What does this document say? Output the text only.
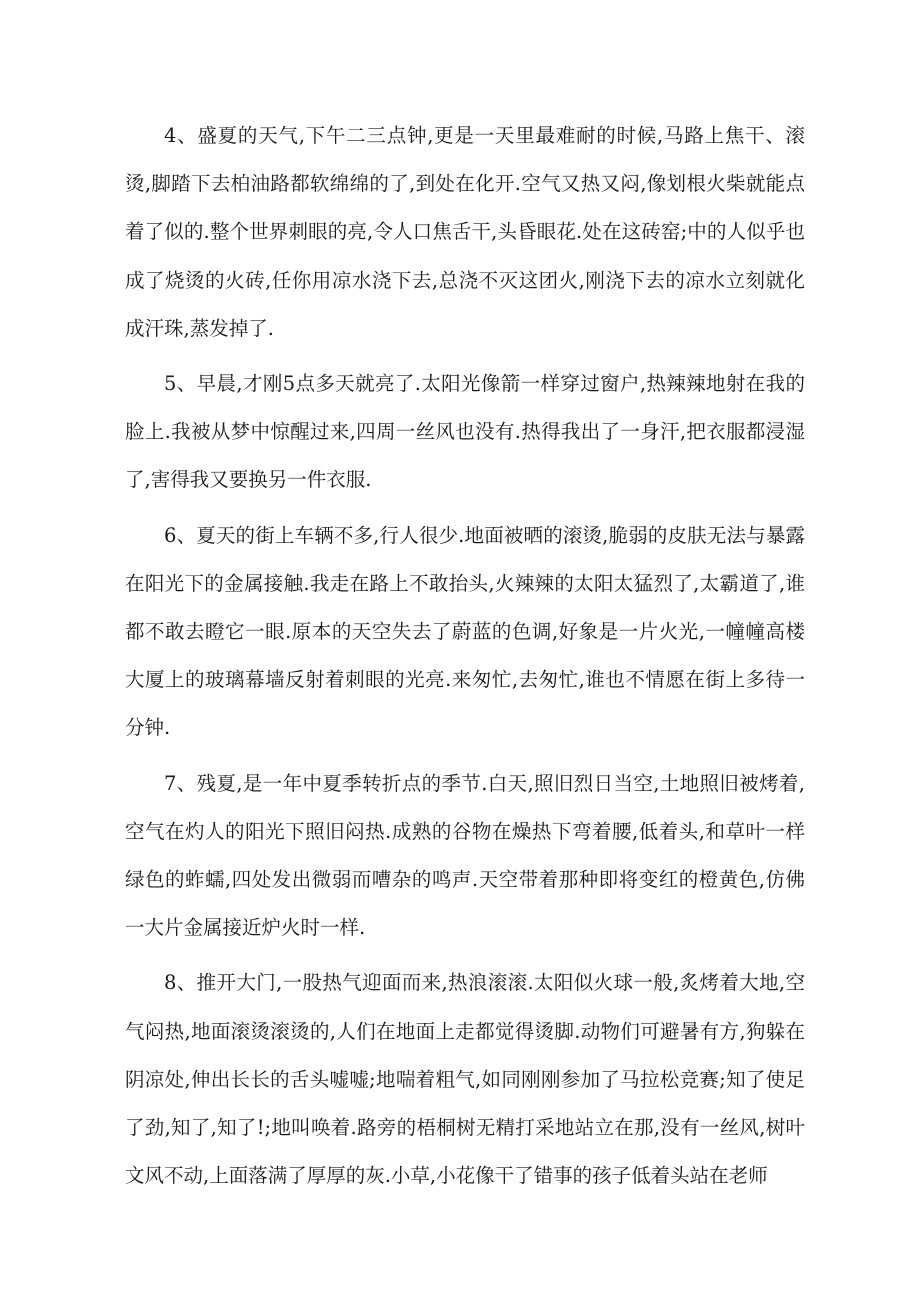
4、盛夏的天气,下午二三点钟,更是一天里最难耐的时候,马路上焦干、滚烫,脚踏下去柏油路都软绵绵的了,到处在化开.空气又热又闷,像划根火柴就能点着了似的.整个世界刺眼的亮,令人口焦舌干,头昏眼花.处在这砖窑;中的人似乎也成了烧烫的火砖,任你用凉水浇下去,总浇不灭这团火,刚浇下去的凉水立刻就化成汗珠,蒸发掉了.

5、早晨,才刚5点多天就亮了.太阳光像箭一样穿过窗户,热辣辣地射在我的脸上.我被从梦中惊醒过来,四周一丝风也没有.热得我出了一身汗,把衣服都浸湿了,害得我又要换另一件衣服.

6、夏天的街上车辆不多,行人很少.地面被晒的滚烫,脆弱的皮肤无法与暴露在阳光下的金属接触.我走在路上不敢抬头,火辣辣的太阳太猛烈了,太霸道了,谁都不敢去瞪它一眼.原本的天空失去了蔚蓝的色调,好象是一片火光,一幢幢高楼大厦上的玻璃幕墙反射着刺眼的光亮.来匆忙,去匆忙,谁也不情愿在街上多待一分钟.

7、残夏,是一年中夏季转折点的季节.白天,照旧烈日当空,土地照旧被烤着,空气在灼人的阳光下照旧闷热.成熟的谷物在燥热下弯着腰,低着头,和草叶一样绿色的蚱蠕,四处发出微弱而嘈杂的鸣声.天空带着那种即将变红的橙黄色,仿佛一大片金属接近炉火时一样.

8、推开大门,一股热气迎面而来,热浪滚滚.太阳似火球一般,炙烤着大地,空气闷热,地面滚烫滚烫的,人们在地面上走都觉得烫脚.动物们可避暑有方,狗躲在阴凉处,伸出长长的舌头嘘嘘;地喘着粗气,如同刚刚参加了马拉松竞赛;知了使足了劲,知了,知了!;地叫唤着.路旁的梧桐树无精打采地站立在那,没有一丝风,树叶文风不动,上面落满了厚厚的灰.小草,小花像干了错事的孩子低着头站在老师
